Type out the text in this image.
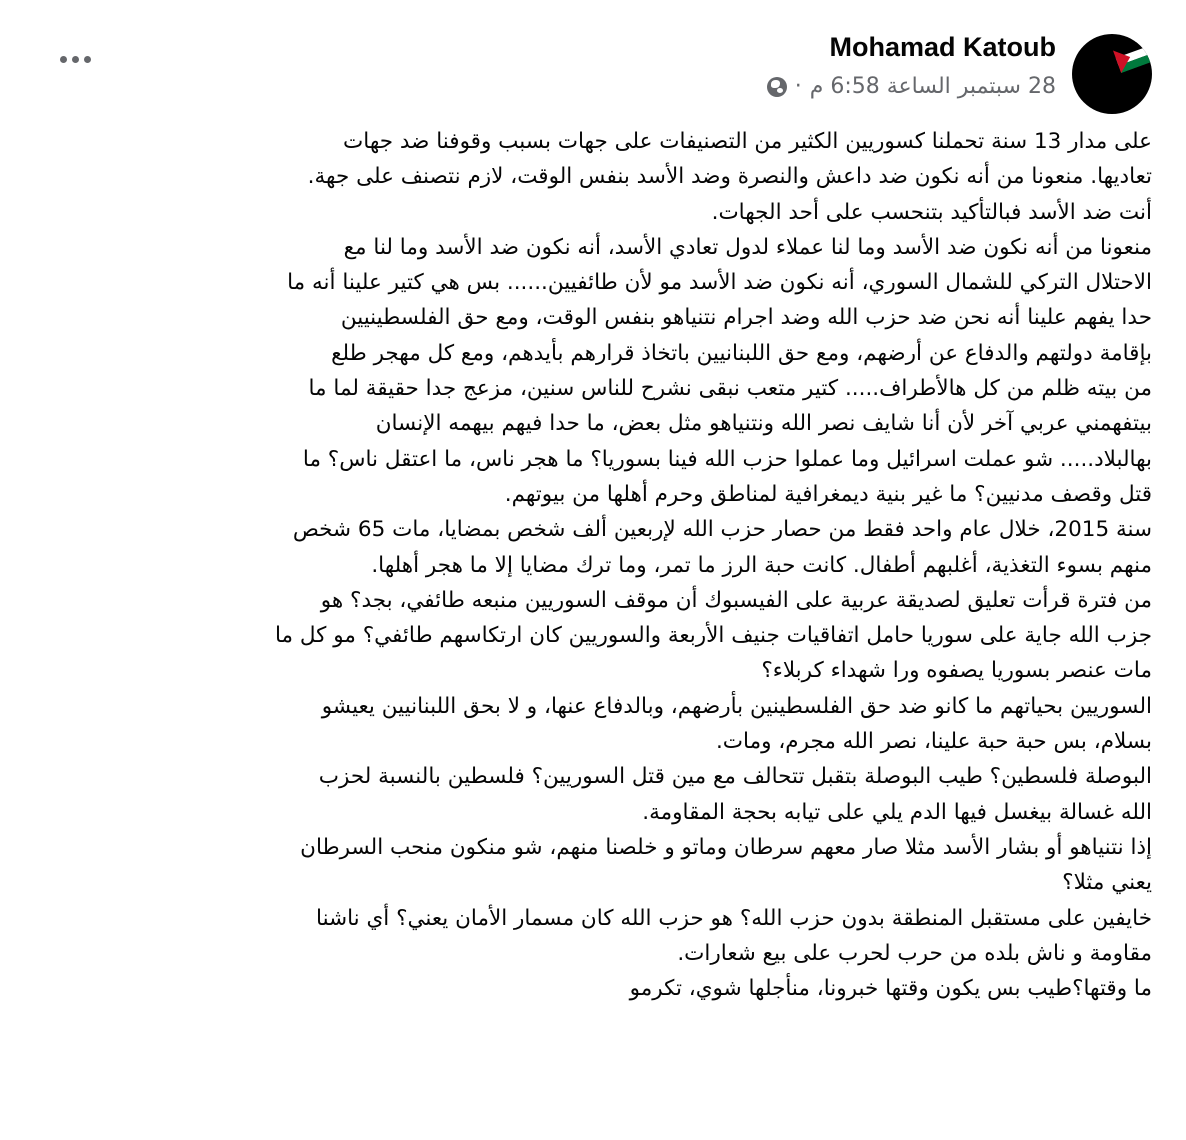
Mohamad Katoub
28 سبتمبر الساعة 6:58 م
·
على مدار 13 سنة تحملنا كسوريين الكثير من التصنيفات على جهات بسبب وقوفنا ضد جهات
تعاديها. منعونا من أنه نكون ضد داعش والنصرة وضد الأسد بنفس الوقت، لازم نتصنف على جهة.
أنت ضد الأسد فبالتأكيد بتنحسب على أحد الجهات.
منعونا من أنه نكون ضد الأسد وما لنا عملاء لدول تعادي الأسد، أنه نكون ضد الأسد وما لنا مع
الاحتلال التركي للشمال السوري، أنه نكون ضد الأسد مو لأن طائفيين...... بس هي كتير علينا أنه ما
حدا يفهم علينا أنه نحن ضد حزب الله وضد اجرام نتنياهو بنفس الوقت، ومع حق الفلسطينيين
بإقامة دولتهم والدفاع عن أرضهم، ومع حق اللبنانيين باتخاذ قرارهم بأيدهم، ومع كل مهجر طلع
من بيته ظلم من كل هالأطراف..... كتير متعب نبقى نشرح للناس سنين، مزعج جدا حقيقة لما ما
بيتفهمني عربي آخر لأن أنا شايف نصر الله ونتنياهو مثل بعض، ما حدا فيهم بيهمه الإنسان
بهالبلاد..... شو عملت اسرائيل وما عملوا حزب الله فينا بسوريا؟ ما هجر ناس، ما اعتقل ناس؟ ما
قتل وقصف مدنيين؟ ما غير بنية ديمغرافية لمناطق وحرم أهلها من بيوتهم.
سنة 2015، خلال عام واحد فقط من حصار حزب الله لإربعين ألف شخص بمضايا، مات 65 شخص
منهم بسوء التغذية، أغلبهم أطفال. كانت حبة الرز ما تمر، وما ترك مضايا إلا ما هجر أهلها.
من فترة قرأت تعليق لصديقة عربية على الفيسبوك أن موقف السوريين منبعه طائفي، بجد؟ هو
جزب الله جاية على سوريا حامل اتفاقيات جنيف الأربعة والسوريين كان ارتكاسهم طائفي؟ مو كل ما
مات عنصر بسوريا يصفوه ورا شهداء كربلاء؟
السوريين بحياتهم ما كانو ضد حق الفلسطينين بأرضهم، وبالدفاع عنها، و لا بحق اللبنانيين يعيشو
بسلام، بس حبة حبة علينا، نصر الله مجرم، ومات.
البوصلة فلسطين؟ طيب البوصلة بتقبل تتحالف مع مين قتل السوريين؟ فلسطين بالنسبة لحزب
الله غسالة بيغسل فيها الدم يلي على تيابه بحجة المقاومة.
إذا نتنياهو أو بشار الأسد مثلا صار معهم سرطان وماتو و خلصنا منهم، شو منكون منحب السرطان
يعني مثلا؟
خايفين على مستقبل المنطقة بدون حزب الله؟ هو حزب الله كان مسمار الأمان يعني؟ أي ناشنا
مقاومة و ناش بلده من حرب لحرب على بيع شعارات.
ما وقتها؟طيب بس يكون وقتها خبرونا، منأجلها شوي، تكرمو
